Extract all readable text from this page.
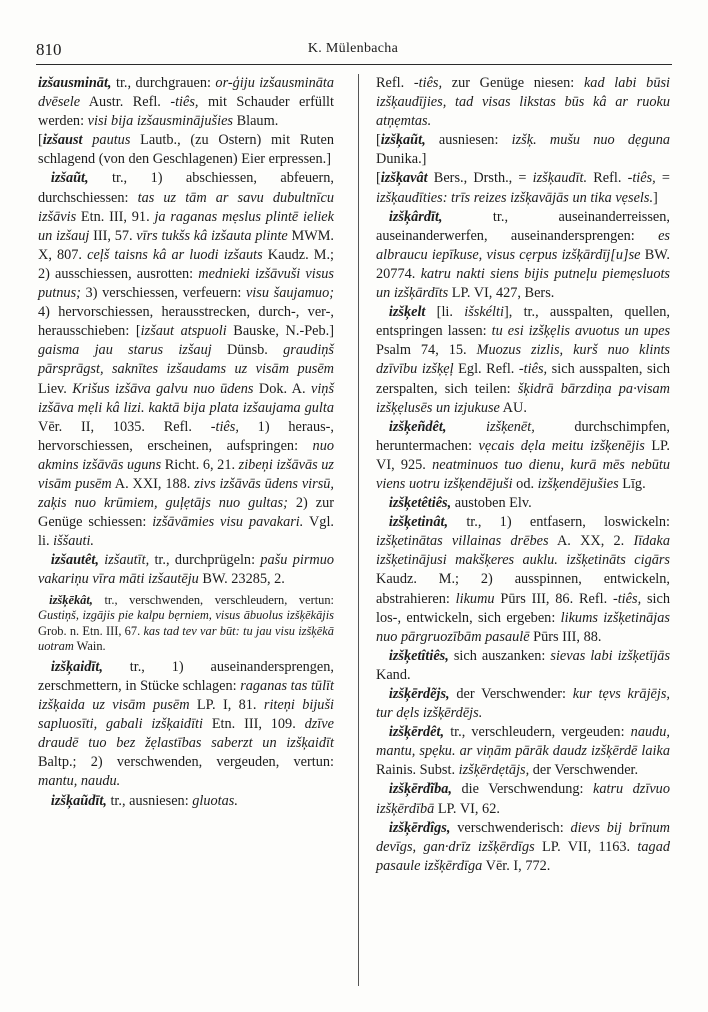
810	K. Mülenbacha

izšausmināt, tr., durchgrauen: or-ģiju izšausmināta dvēsele Austr. Refl. -tiês, mit Schauder erfüllt werden: visi bija izšausminājušies Blaum.

[izšaust pautus Lautb., (zu Ostern) mit Ruten schlagend (von den Geschlagenen) Eier erpressen.]

izšaũt, tr., 1) abschiessen, abfeuern, durchschiessen: tas uz tām ar savu dubultnīcu izšāvis Etn. III, 91. ja raganas mẹslus plintē ieliek un izšauj III, 57. vīrs tukšs kâ izšauta plinte MWM. X, 807. ceļš taisns kâ ar luodi izšauts Kaudz. M.; 2) ausschiessen, ausrotten: mednieki izšāvuši visus putnus; 3) verschiessen, verfeuern: visu šaujamuo; 4) hervorschiessen, herausstrecken, durch-, ver-, herausschieben: [izšaut atspuoli Bauske, N.-Peb.] gaisma jau starus izšauj Dünsb. graudiņš pārsprāgst, saknītes izšaudams uz visām pusēm Liev. Krišus izšāva galvu nuo ūdens Dok. A. viņš izšāva mẹli kâ lizi. kaktā bija plata izšaujama gulta Vēr. II, 1035. Refl. -tiês, 1) heraus-, hervorschiessen, erscheinen, aufspringen: nuo akmins izšāvās uguns Richt. 6, 21. zibeņi izšāvās uz visām pusēm A. XXI, 188. zivs izšāvās ūdens virsū, zaķis nuo krūmiem, guļẹtājs nuo gultas; 2) zur Genüge schiessen: izšāvāmies visu pavakari. Vgl. li. iššauti.

izšautêt, izšautīt, tr., durchprügeln: pašu pirmuo vakariņu vīra māti izšautēju BW. 23285, 2.

izšķēkât, tr., verschwenden, verschleudern, vertun: Gustiņš, izgājis pie kalpu bẹrniem, visus ābuolus izšķēkājis Grob. n. Etn. III, 67. kas tad tev var būt: tu jau visu izšķēkā uotram Wain.

izšķaidīt, tr., 1) auseinandersprengen, zerschmettern, in Stücke schlagen: raganas tas tūlīt izšķaida uz visām pusēm LP. I, 81. riteņi bijuši sapluosīti, gabali izšķaidīti Etn. III, 109. dzīve draudē tuo bez žẹlastības saberzt un izšķaidīt Baltp.; 2) verschwenden, vergeuden, vertun: mantu, naudu.

izšķaũdīt, tr., ausniesen: gluotas.

Refl. -tiês, zur Genüge niesen: kad labi būsi izšķaudījies, tad visas likstas būs kâ ar ruoku atņẹmtas.

[izšķaũt, ausniesen: izšķ. mušu nuo dẹguna Dunika.]

[izšķavât Bers., Drsth., = izšķaudīt. Refl. -tiês, = izšķaudīties: trīs reizes izšķavājās un tika vẹsels.]

izšķârdīt, tr., auseinanderreissen, auseinanderwerfen, auseinandersprengen: es albraucu iepīkuse, visus cẹrpus izšķārdīj[u]se BW. 20774. katru nakti siens bijis putneļu piemẹsluots un izšķārdīts LP. VI, 427, Bers.

izšķelt [li. išskélti], tr., ausspalten, quellen, entspringen lassen: tu esi izšķẹlis avuotus un upes Psalm 74, 15. Muozus zizlis, kurš nuo klints dzīvību izšķẹļ Egl. Refl. -tiês, sich ausspalten, sich zerspalten, sich teilen: šķidrā bārzdiņa pa·visam izšķẹlusēs un izjukuse AU.

izšķeñdêt,	izšķenēt, durchschimpfen, heruntermachen: vẹcais dẹla meitu izšķenējis LP. VI, 925. neatminuos tuo dienu, kurā mēs nebūtu viens uotru izšķendējuši od. izšķendējušies Līg.

izšķetêtiês, austoben Elv.

izšķetinât, tr., 1) entfasern, loswickeln: izšķetinātas villainas drēbes A. XX, 2. Iīdaka izšķetinājusi makšķeres auklu. izšķetināts cigārs Kaudz. M.; 2) ausspinnen, entwickeln, abstrahieren: likumu Pūrs III, 86. Refl. -tiês, sich los-, entwickeln, sich ergeben: likums izšķetinājas nuo pārgruozībām pasaulē Pūrs III, 88.

izšķetîtiês, sich auszanken: sievas labi izšķetījās Kand.

izšķērdẽjs, der Verschwender: kur tẹvs krājējs, tur dẹls izšķērdējs.

izšķērdêt, tr., verschleudern, vergeuden: naudu, mantu, spẹku. ar viņām pārāk daudz izšķērdē laika Rainis. Subst. izšķērdẹtājs, der Verschwender.

izšķērdĩba, die Verschwendung: katru dzīvuo izšķērdībā LP. VI, 62.

izšķērdîgs, verschwenderisch: dievs bij brīnum devīgs, gan·drīz izšķērdīgs LP. VII, 1163. tagad pasaule izšķērdīga Vēr. I, 772.
